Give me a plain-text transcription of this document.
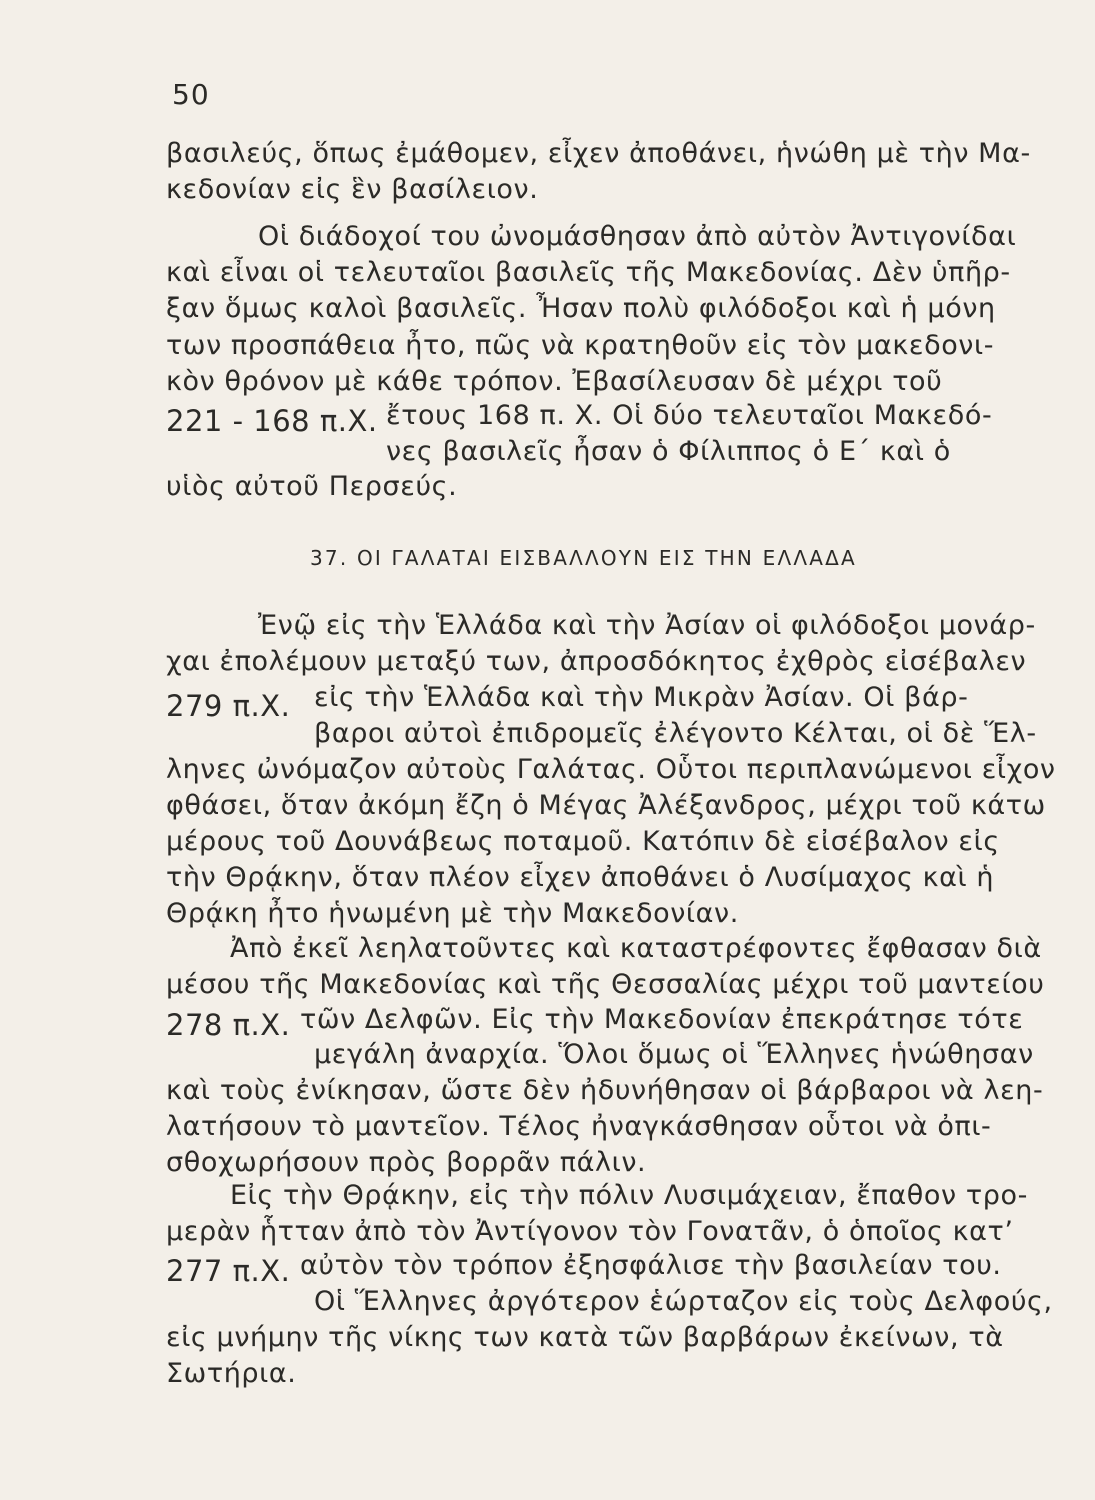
50
βασιλεύς, ὅπως ἐμάθομεν, εἶχεν ἀποθάνει, ἡνώθη μὲ τὴν Μα-
κεδονίαν εἰς ἓν βασίλειον.
Οἱ διάδοχοί του ὠνομάσθησαν ἀπὸ αὐτὸν Ἀντιγονίδαι
καὶ εἶναι οἱ τελευταῖοι βασιλεῖς τῆς Μακεδονίας. Δὲν ὑπῆρ-
ξαν ὅμως καλοὶ βασιλεῖς. Ἦσαν πολὺ φιλόδοξοι καὶ ἡ μόνη
των προσπάθεια ἦτο, πῶς νὰ κρατηθοῦν εἰς τὸν μακεδονι-
κὸν θρόνον μὲ κάθε τρόπον. Ἐβασίλευσαν δὲ μέχρι τοῦ
221 - 168 π.Χ. ἔτους 168 π. Χ. Οἱ δύο τελευταῖοι Μακεδό-
νες βασιλεῖς ἦσαν ὁ Φίλιππος ὁ Ε΄ καὶ ὁ
υἱὸς αὐτοῦ Περσεύς.
37. ΟΙ ΓΑΛΑΤΑΙ ΕΙΣΒΑΛΛΟΥΝ ΕΙΣ ΤΗΝ ΕΛΛΑΔΑ
Ἐνῷ εἰς τὴν Ἑλλάδα καὶ τὴν Ἀσίαν οἱ φιλόδοξοι μονάρ-
χαι ἐπολέμουν μεταξύ των, ἀπροσδόκητος ἐχθρὸς εἰσέβαλεν
279 π.Χ. εἰς τὴν Ἑλλάδα καὶ τὴν Μικρὰν Ἀσίαν. Οἱ βάρ-
βαροι αὐτοὶ ἐπιδρομεῖς ἐλέγοντο Κέλται, οἱ δὲ Ἕλ-
ληνες ὠνόμαζον αὐτοὺς Γαλάτας. Οὗτοι περιπλανώμενοι εἶχον
φθάσει, ὅταν ἀκόμη ἔζη ὁ Μέγας Ἀλέξανδρος, μέχρι τοῦ κάτω
μέρους τοῦ Δουνάβεως ποταμοῦ. Κατόπιν δὲ εἰσέβαλον εἰς
τὴν Θρᾴκην, ὅταν πλέον εἶχεν ἀποθάνει ὁ Λυσίμαχος καὶ ἡ
Θρᾴκη ἦτο ἡνωμένη μὲ τὴν Μακεδονίαν.
Ἀπὸ ἐκεῖ λεηλατοῦντες καὶ καταστρέφοντες ἔφθασαν διὰ
μέσου τῆς Μακεδονίας καὶ τῆς Θεσσαλίας μέχρι τοῦ μαντείου
278 π.Χ. τῶν Δελφῶν. Εἰς τὴν Μακεδονίαν ἐπεκράτησε τότε
μεγάλη ἀναρχία. Ὅλοι ὅμως οἱ Ἕλληνες ἡνώθησαν
καὶ τοὺς ἐνίκησαν, ὥστε δὲν ἠδυνήθησαν οἱ βάρβαροι νὰ λεη-
λατήσουν τὸ μαντεῖον. Τέλος ἠναγκάσθησαν οὗτοι νὰ ὀπι-
σθοχωρήσουν πρὸς βορρᾶν πάλιν.
Εἰς τὴν Θρᾴκην, εἰς τὴν πόλιν Λυσιμάχειαν, ἔπαθον τρο-
μερὰν ἧτταν ἀπὸ τὸν Ἀντίγονον τὸν Γονατᾶν, ὁ ὁποῖος κατ’
277 π.Χ. αὐτὸν τὸν τρόπον ἐξησφάλισε τὴν βασιλείαν του.
Οἱ Ἕλληνες ἀργότερον ἑώρταζον εἰς τοὺς Δελφούς,
εἰς μνήμην τῆς νίκης των κατὰ τῶν βαρβάρων ἐκείνων, τὰ
Σωτήρια.
